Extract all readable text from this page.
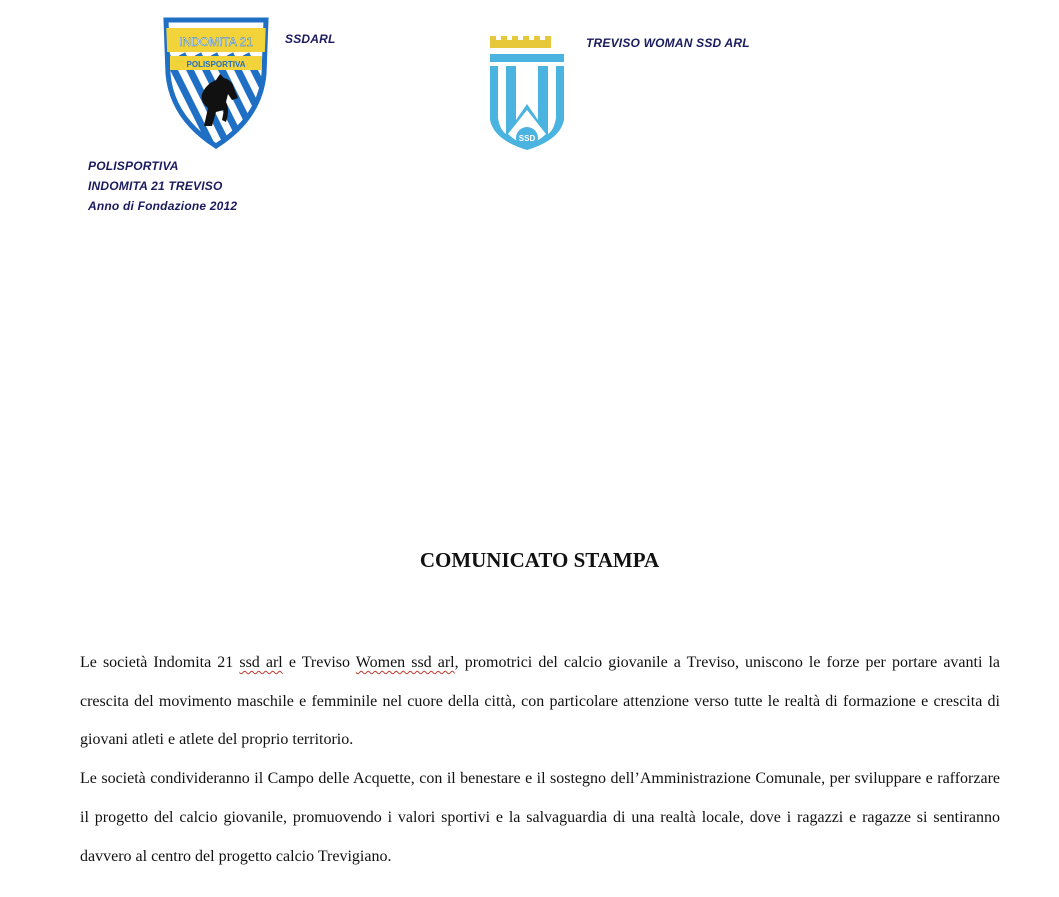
INDOMITA 21
POLISPORTIVA
SSDARL
SSD
TREVISO WOMAN SSD ARL
POLISPORTIVA
INDOMITA 21 TREVISO
Anno di Fondazione 2012
COMUNICATO STAMPA

Le società Indomita 21 ssd arl e Treviso Women ssd arl, promotrici del calcio giovanile a Treviso, uniscono le forze per portare avanti la crescita del movimento maschile e femminile nel cuore della città, con particolare attenzione verso tutte le realtà di formazione e crescita di giovani atleti e atlete del proprio territorio.

Le società condivideranno il Campo delle Acquette, con il benestare e il sostegno dell’Amministrazione Comunale, per sviluppare e rafforzare il progetto del calcio giovanile, promuovendo i valori sportivi e la salvaguardia di una realtà locale, dove i ragazzi e ragazze si sentiranno davvero al centro del progetto calcio Trevigiano.
